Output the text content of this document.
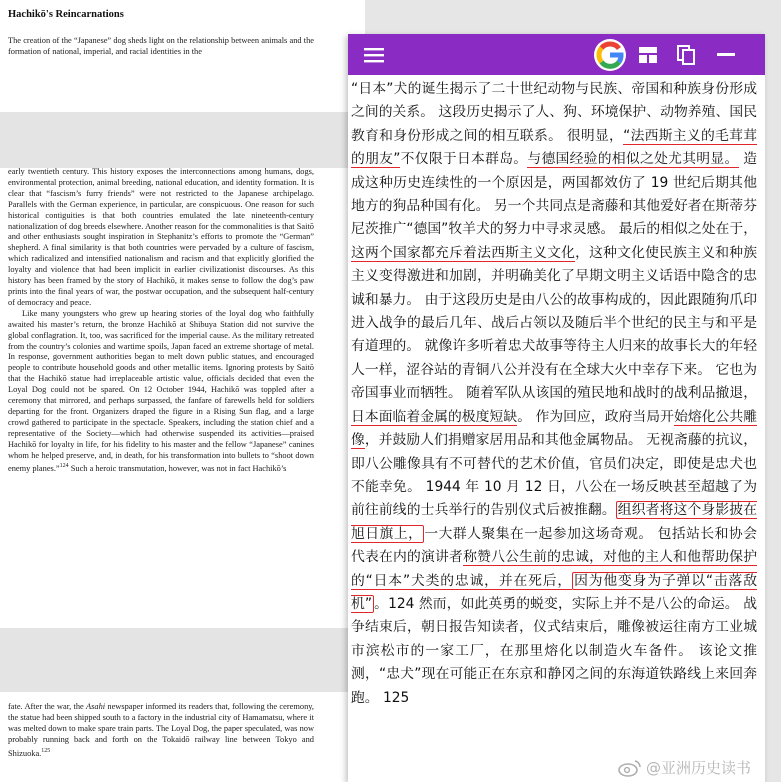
Hachikō's Reincarnations
The creation of the “Japanese” dog sheds light on the relationship between animals and the formation of national, imperial, and racial identities in the
early twentieth century. This history exposes the interconnections among humans, dogs, environmental protection, animal breeding, national education, and identity formation. It is clear that “fascism’s furry friends” were not restricted to the Japanese archipelago. Parallels with the German experience, in particular, are conspicuous. One reason for such historical contiguities is that both countries emulated the late nineteenth-century nationalization of dog breeds elsewhere. Another reason for the commonalities is that Saitō and other enthusiasts sought inspiration in Stephanitz’s efforts to promote the “German” shepherd. A final similarity is that both countries were pervaded by a culture of fascism, which radicalized and intensified nationalism and racism and that explicitly glorified the loyalty and violence that had been implicit in earlier civilizationist discourses. As this history has been framed by the story of Hachikō, it makes sense to follow the dog’s paw prints into the final years of war, the postwar occupation, and the subsequent half-century of democracy and peace.
Like many youngsters who grew up hearing stories of the loyal dog who faithfully awaited his master’s return, the bronze Hachikō at Shibuya Station did not survive the global conflagration. It, too, was sacrificed for the imperial cause. As the military retreated from the country’s colonies and wartime spoils, Japan faced an extreme shortage of metal. In response, government authorities began to melt down public statues, and encouraged people to contribute household goods and other metallic items. Ignoring protests by Saitō that the Hachikō statue had irreplaceable artistic value, officials decided that even the Loyal Dog could not be spared. On 12 October 1944, Hachikō was toppled after a ceremony that mirrored, and perhaps surpassed, the fanfare of farewells held for soldiers departing for the front. Organizers draped the figure in a Rising Sun flag, and a large crowd gathered to participate in the spectacle. Speakers, including the station chief and a representative of the Society—which had otherwise suspended its activities—praised Hachikō for loyalty in life, for his fidelity to his master and the fellow “Japanese” canines whom he helped preserve, and, in death, for his transformation into bullets to “shoot down enemy planes.”$^{124}$ Such a heroic transmutation, however, was not in fact Hachikō’s
fate. After the war, the Asahi newspaper informed its readers that, following the ceremony, the statue had been shipped south to a factory in the industrial city of Hamamatsu, where it was melted down to make spare train parts. The Loyal Dog, the paper speculated, was now probably running back and forth on the Tokaidō railway line between Tokyo and Shizuoka.$^{125}$

“日本”犬的诞生揭示了二十世纪动物与民族、帝国和种族身份形成之间的关系。 这段历史揭示了人、狗、环境保护、动物养殖、国民教育和身份形成之间的相互联系。 很明显，“法西斯主义的毛茸茸的朋友”不仅限于日本群岛。与德国经验的相似之处尤其明显。 造成这种历史连续性的一个原因是，两国都效仿了 19 世纪后期其他地方的狗品种国有化。 另一个共同点是斋藤和其他爱好者在斯蒂芬尼茨推广“德国”牧羊犬的努力中寻求灵感。 最后的相似之处在于，这两个国家都充斥着法西斯主义文化，这种文化使民族主义和种族主义变得激进和加剧，并明确美化了早期文明主义话语中隐含的忠诚和暴力。 由于这段历史是由八公的故事构成的，因此跟随狗爪印进入战争的最后几年、战后占领以及随后半个世纪的民主与和平是有道理的。 就像许多听着忠犬故事等待主人归来的故事长大的年轻人一样，涩谷站的青铜八公并没有在全球大火中幸存下来。 它也为帝国事业而牺牲。 随着军队从该国的殖民地和战时的战利品撤退，日本面临着金属的极度短缺。 作为回应，政府当局开始熔化公共雕像，并鼓励人们捐赠家居用品和其他金属物品。 无视斋藤的抗议，即八公雕像具有不可替代的艺术价值，官员们决定，即使是忠犬也不能幸免。 1944 年 10 月 12 日，八公在一场反映甚至超越了为前往前线的士兵举行的告别仪式后被推翻。 组织者将这个身影披在旭日旗上， 一大群人聚集在一起参加这场奇观。 包括站长和协会代表在内的演讲者称赞八公生前的忠诚，对他的主人和他帮助保护的“日本”犬类的忠诚，并在死后， 因为他变身为子弹以“击落敌机” 。124 然而，如此英勇的蜕变，实际上并不是八公的命运。 战争结束后，朝日报告知读者，仪式结束后，雕像被运往南方工业城市滨松市的一家工厂，在那里熔化以制造火车备件。 该论文推测，“忠犬”现在可能正在东京和静冈之间的东海道铁路线上来回奔跑。 125

@亚洲历史读书
